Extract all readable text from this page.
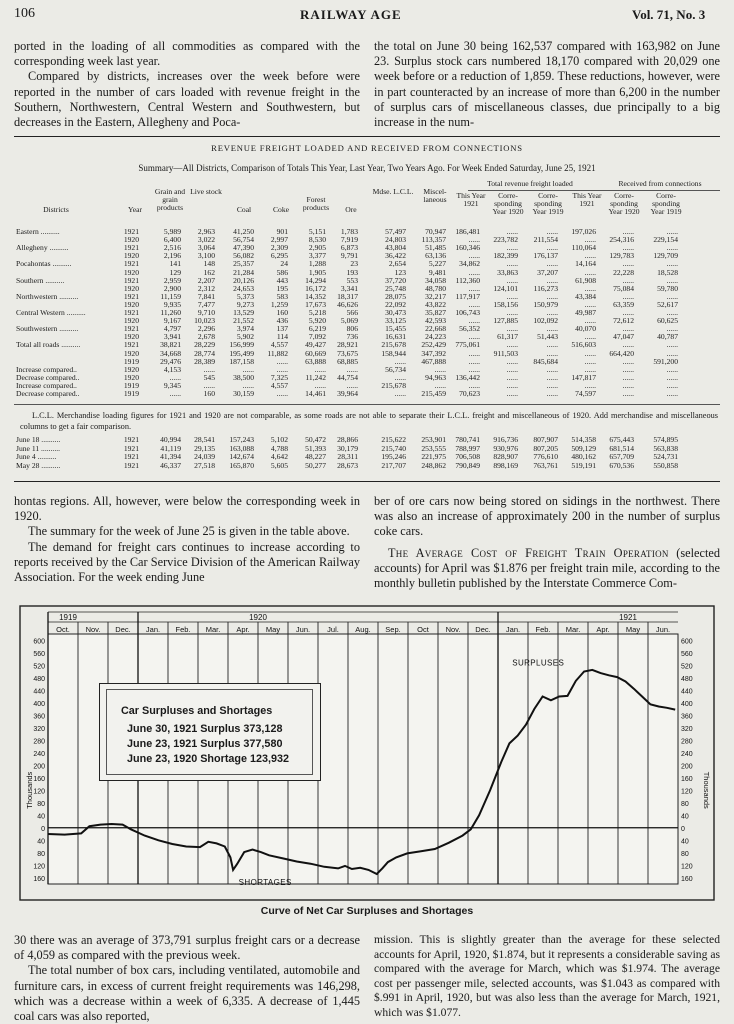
106	RAILWAY AGE	Vol. 71, No. 3

ported in the loading of all commodities as compared with the corresponding week last year.

Compared by districts, increases over the week before were reported in the number of cars loaded with revenue freight in the Southern, Northwestern, Central Western and Southwestern, but decreases in the Eastern, Allegheny and Poca-

the total on June 30 being 162,537 compared with 163,982 on June 23. Surplus stock cars numbered 18,170 compared with 20,029 one week before or a reduction of 1,859. These reductions, however, were in part counteracted by an increase of more than 6,200 in the number of surplus cars of miscellaneous classes, due principally to a big increase in the num-

REVENUE FREIGHT LOADED AND RECEIVED FROM CONNECTIONS
Summary—All Districts, Comparison of Totals This Year, Last Year, Two Years Ago. For Week Ended Saturday, June 25, 1921
Total revenue freight loaded	Received from connections
Districts	Year
Grain and grain products
Live stock
Coal	Coke
Forest products	Ore
Mdse. L.C.L.	Miscel-laneous	This Year 1921
Corre-sponding Year 1920
Corre-sponding Year 1919
This Year 1921
Corre-sponding Year 1920
Corre-sponding Year 1919
Eastern ..........	1921	5,989	2,963	41,250	901	5,151	1,783	57,497	70,947	186,481	......	......	197,026	......	......
1920	6,400	3,022	56,754	2,997	8,530	7,919	24,803	113,357	......	223,782	211,554	......	254,316	229,154
Allegheny ..........	1921	2,516	3,064	47,390	2,309	2,905	6,873	43,804	51,485	160,346	......	......	110,064	......	......
1920	2,196	3,100	56,082	6,295	3,377	9,791	36,422	63,136	......	182,399	176,137	......	129,783	129,709
Pocahontas ..........	1921	141	148	25,357	24	1,288	23	2,654	5,227	34,862	......	......	14,164	......	......
1920	129	162	21,284	586	1,905	193	123	9,481	......	33,863	37,207	......	22,228	18,528
Southern ..........	1921	2,959	2,207	20,126	443	14,294	553	37,720	34,058	112,360	......	......	61,908	......	......
1920	2,900	2,312	24,653	195	16,172	3,341	25,748	48,780	......	124,101	116,273	......	75,084	59,780
Northwestern ..........	1921	11,159	7,841	5,373	583	14,352	18,317	28,075	32,217	117,917	......	......	43,384	......	......
1920	9,935	7,477	9,273	1,259	17,673	46,626	22,092	43,822	......	158,156	150,979	......	63,359	52,617
Central Western ..........	1921	11,260	9,710	13,529	160	5,218	566	30,473	35,827	106,743	......	......	49,987	......	......
1920	9,167	10,023	21,552	436	5,920	5,069	33,125	42,593	......	127,885	102,092	......	72,612	60,625
Southwestern ..........	1921	4,797	2,296	3,974	137	6,219	806	15,455	22,668	56,352	......	......	40,070	......	......
1920	3,941	2,678	5,902	114	7,092	736	16,631	24,223	......	61,317	51,443	......	47,047	40,787
Total all roads ..........	1921	38,821	28,229	156,999	4,557	49,427	28,921	215,678	252,429	775,061	......	......	516,603	......	......
1920	34,668	28,774	195,499	11,882	60,669	73,675	158,944	347,392	......	911,503	......	......	664,420	......
1919	29,476	28,389	187,158	......	63,888	68,885	......	467,888	......	......	845,684	......	......	591,200
Increase compared..	1920	4,153	......	......	......	......	......	56,734	......	......	......	......	......	......	......
Decrease compared..	1920	......	545	38,500	7,325	11,242	44,754	......	94,963	136,442	......	......	147,817	......	......
Increase compared..	1919	9,345	......	......	4,557	......	......	215,678	......	......	......	......	......	......	......
Decrease compared..	1919	......	160	30,159	......	14,461	39,964	......	215,459	70,623	......	......	74,597	......	......
June 18 ..........	1921	40,994	28,541	157,243	5,102	50,472	28,866	215,622	253,901	780,741	916,736	807,907	514,358	675,443	574,895
June 11 ..........	1921	41,119	29,135	163,088	4,788	51,393	30,179	215,740	253,555	788,997	930,976	807,205	509,129	681,514	563,838
June 4 ..........	1921	41,394	24,039	142,674	4,642	48,227	28,311	195,246	221,975	706,508	828,907	776,610	480,162	657,709	524,731
May 28 ..........	1921	46,337	27,518	165,870	5,605	50,277	28,673	217,707	248,862	790,849	898,169	763,761	519,191	670,536	550,858
L.C.L. Merchandise loading figures for 1921 and 1920 are not comparable, as some roads are not able to separate their L.C.L. freight and miscellaneous of 1920. Add merchandise and miscellaneous columns to get a fair comparison.

hontas regions. All, however, were below the corresponding week in 1920.

The summary for the week of June 25 is given in the table above.

The demand for freight cars continues to increase according to reports received by the Car Service Division of the American Railway Association. For the week ending June

ber of ore cars now being stored on sidings in the northwest. There was also an increase of approximately 200 in the number of surplus coke cars.

The Average Cost of Freight Train Operation (selected accounts) for April was $1.876 per freight train mile, according to the monthly bulletin published by the Interstate Commerce Com-

Oct. Nov. Dec. Jan. Feb. Mar. Apr. May Jun. Jul. Aug. Sep. Oct Nov. Dec. Jan. Feb. Mar. Apr. May Jun.
1919	1920	1921
600
560
520
480
440
400
360
320
280
240
200
160
120
80
40
0
40
80
120
160
600
560
520
480
440
400
360
320
280
240
200
160
120
80
40
0
40
80
120
160
Thousands	Thousands
SURPLUSES
SHORTAGES
Car Surpluses and Shortages
June 30, 1921 Surplus 373,128
June 23, 1921 Surplus 377,580
June 23, 1920 Shortage 123,932
Curve of Net Car Surpluses and Shortages

30 there was an average of 373,791 surplus freight cars or a decrease of 4,059 as compared with the previous week.

The total number of box cars, including ventilated, automobile and furniture cars, in excess of current freight requirements was 146,298, which was a decrease within a week of 6,335. A decrease of 1,445 coal cars was also reported,

mission. This is slightly greater than the average for these selected accounts for April, 1920, $1.874, but it represents a considerable saving as compared with the average for March, which was $1.974. The average cost per passenger mile, selected accounts, was $1.043 as compared with $.991 in April, 1920, but was also less than the average for March, 1921, which was $1.077.
